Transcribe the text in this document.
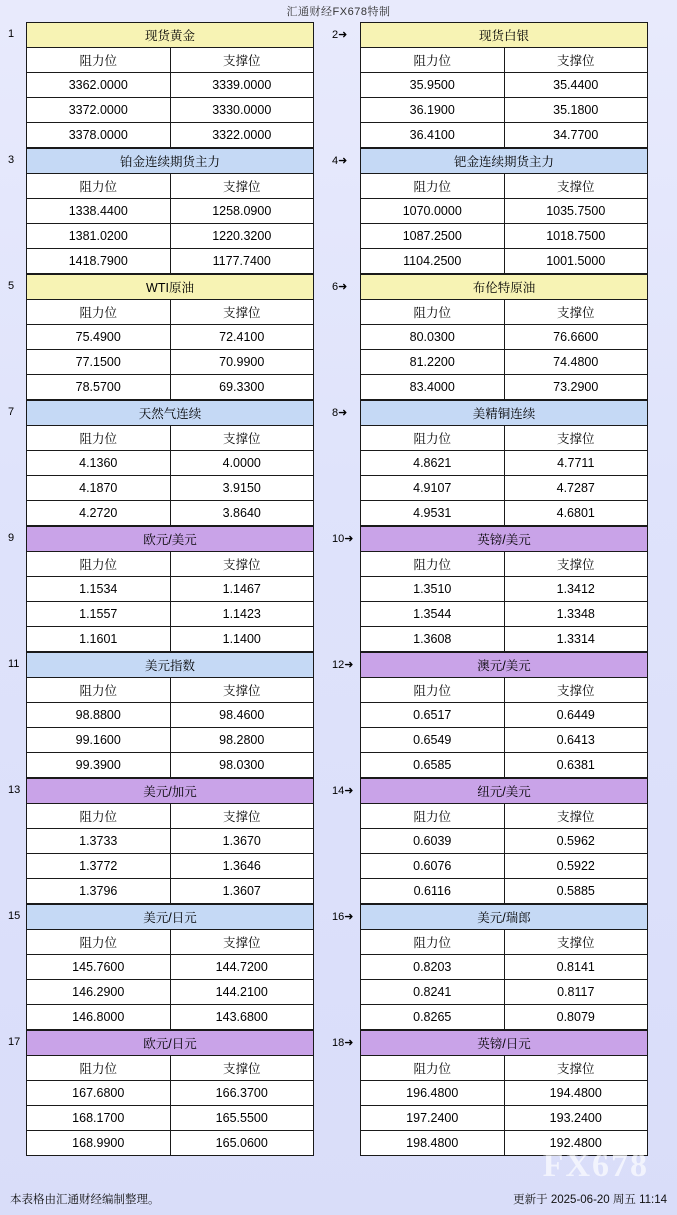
汇通财经FX678特制
1	现货黄金	
阻力位	支撑位
3362.0000	3339.0000
3372.0000	3330.0000
3378.0000	3322.0000
2➜	现货白银	
阻力位	支撑位
35.9500	35.4400
36.1900	35.1800
36.4100	34.7700
3	铂金连续期货主力	
阻力位	支撑位
1338.4400	1258.0900
1381.0200	1220.3200
1418.7900	1177.7400
4➜	钯金连续期货主力	
阻力位	支撑位
1070.0000	1035.7500
1087.2500	1018.7500
1104.2500	1001.5000
5	WTI原油	
阻力位	支撑位
75.4900	72.4100
77.1500	70.9900
78.5700	69.3300
6➜	布伦特原油	
阻力位	支撑位
80.0300	76.6600
81.2200	74.4800
83.4000	73.2900
7	天然气连续	
阻力位	支撑位
4.1360	4.0000
4.1870	3.9150
4.2720	3.8640
8➜	美精铜连续	
阻力位	支撑位
4.8621	4.7711
4.9107	4.7287
4.9531	4.6801
9	欧元/美元	
阻力位	支撑位
1.1534	1.1467
1.1557	1.1423
1.1601	1.1400
10➜	英镑/美元	
阻力位	支撑位
1.3510	1.3412
1.3544	1.3348
1.3608	1.3314
11	美元指数	
阻力位	支撑位
98.8800	98.4600
99.1600	98.2800
99.3900	98.0300
12➜	澳元/美元	
阻力位	支撑位
0.6517	0.6449
0.6549	0.6413
0.6585	0.6381
13	美元/加元	
阻力位	支撑位
1.3733	1.3670
1.3772	1.3646
1.3796	1.3607
14➜	纽元/美元	
阻力位	支撑位
0.6039	0.5962
0.6076	0.5922
0.6116	0.5885
15	美元/日元	
阻力位	支撑位
145.7600	144.7200
146.2900	144.2100
146.8000	143.6800
16➜	美元/瑞郎	
阻力位	支撑位
0.8203	0.8141
0.8241	0.8117
0.8265	0.8079
17	欧元/日元	
阻力位	支撑位
167.6800	166.3700
168.1700	165.5500
168.9900	165.0600
18➜	英镑/日元	
阻力位	支撑位
196.4800	194.4800
197.2400	193.2400
198.4800	192.4800
FX678
本表格由汇通财经编制整理。	更新于 2025-06-20 周五 11:14
